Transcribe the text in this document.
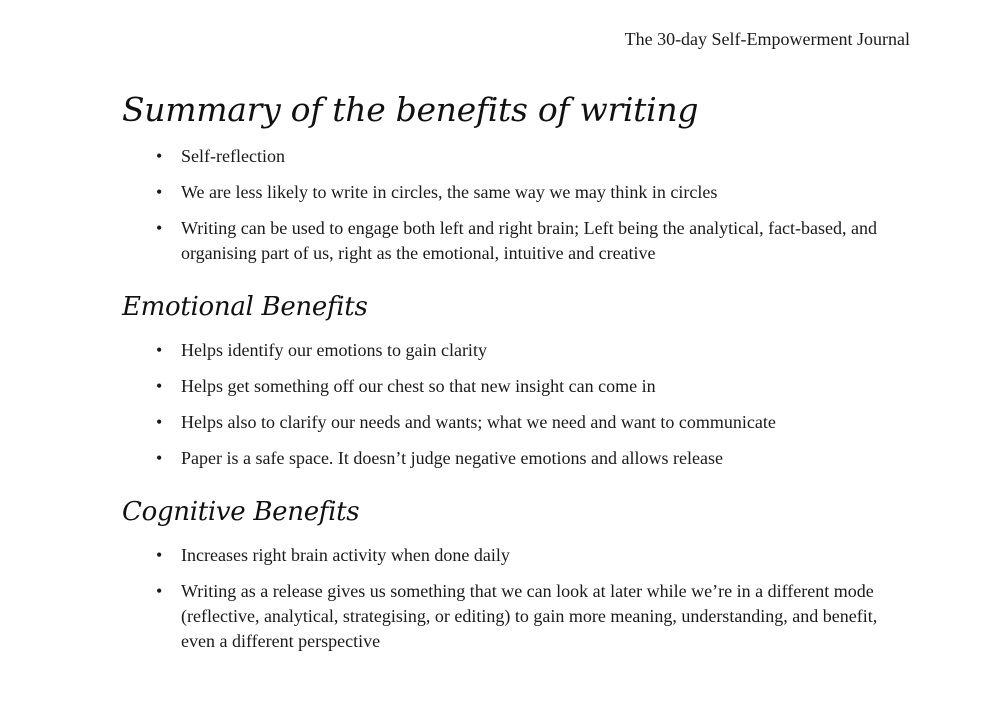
The 30-day Self-Empowerment Journal
Summary of the benefits of writing
• Self-reflection
• We are less likely to write in circles, the same way we may think in circles
• Writing can be used to engage both left and right brain; Left being the analytical, fact-based, and organising part of us, right as the emotional, intuitive and creative
Emotional Benefits
• Helps identify our emotions to gain clarity
• Helps get something off our chest so that new insight can come in
• Helps also to clarify our needs and wants; what we need and want to communicate
• Paper is a safe space. It doesn’t judge negative emotions and allows release
Cognitive Benefits
• Increases right brain activity when done daily
• Writing as a release gives us something that we can look at later while we’re in a different mode (reflective, analytical, strategising, or editing) to gain more meaning, understanding, and benefit, even a different perspective
